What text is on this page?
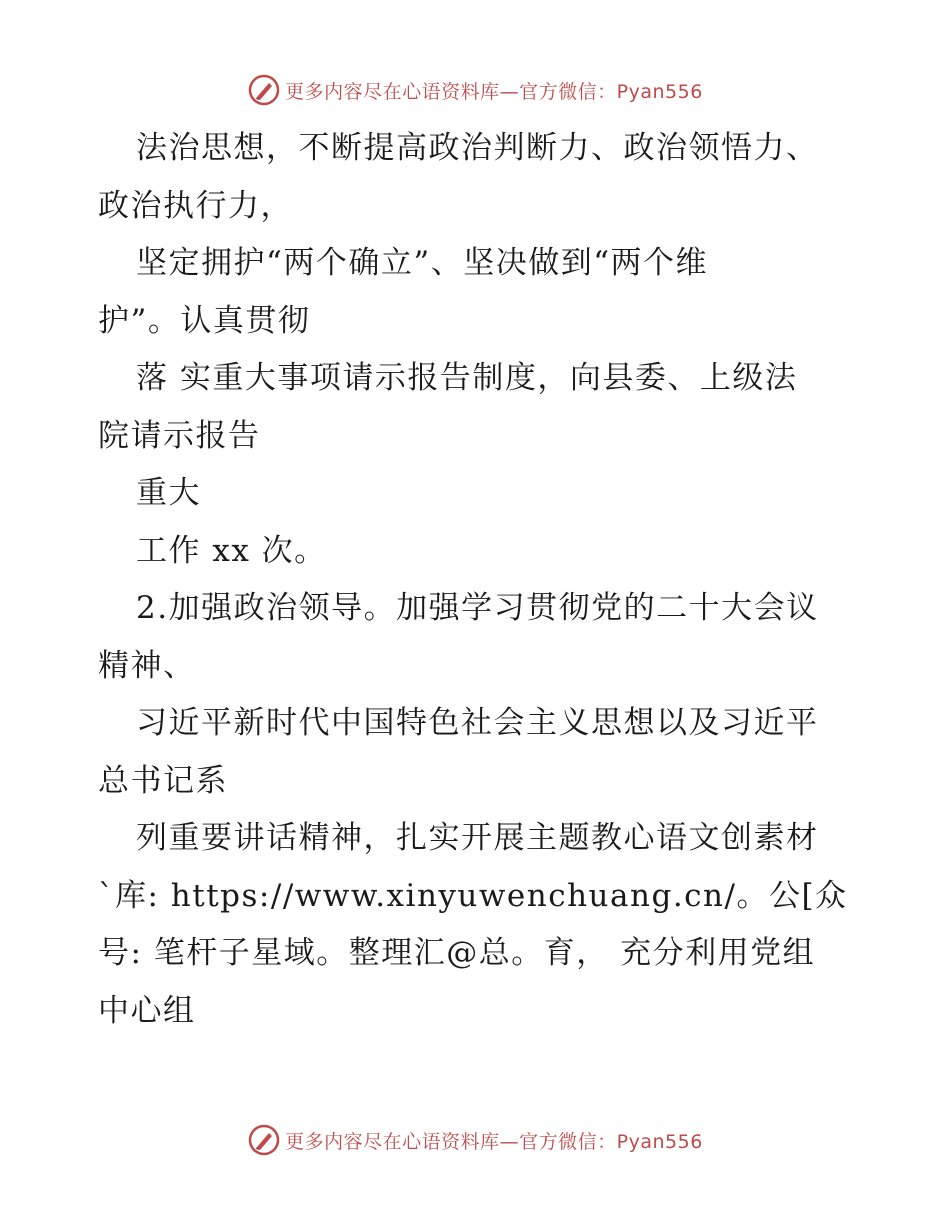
更多内容尽在心语资料库—官方微信：Pyan556
法治思想，不断提高政治判断力、政治领悟力、
政治执行力，
坚定拥护“两个确立”、坚决做到“两个维
护”。认真贯彻
落 实重大事项请示报告制度，向县委、上级法
院请示报告
重大
工作 xx 次。
2.加强政治领导。加强学习贯彻党的二十大会议
精神、
习近平新时代中国特色社会主义思想以及习近平
总书记系
列重要讲话精神，扎实开展主题教心语文创素材
`库: https://www.xinyuwenchuang.cn/。公[众
号: 笔杆子星域。整理汇@总。育， 充分利用党组
中心组
更多内容尽在心语资料库—官方微信：Pyan556
